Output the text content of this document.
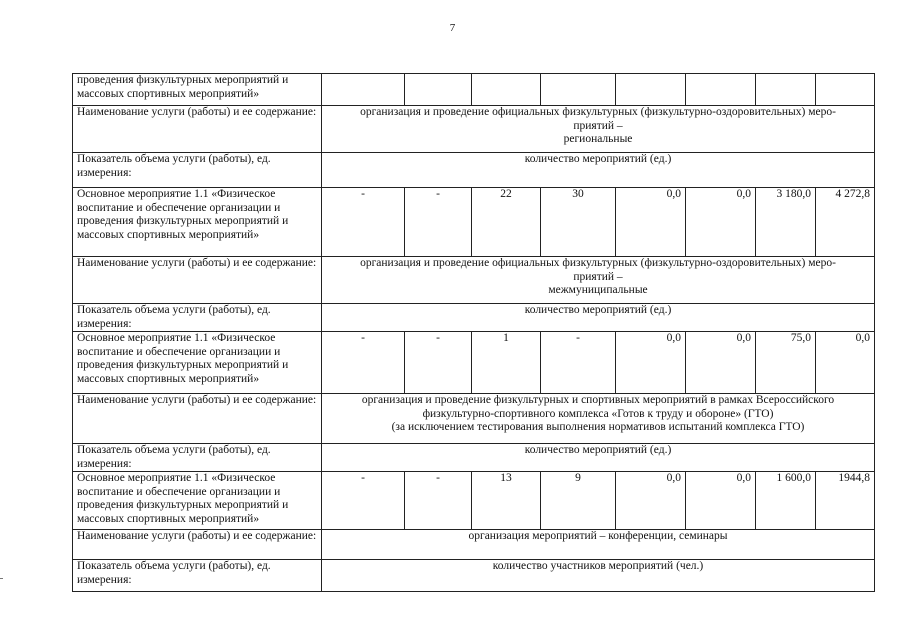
7
проведения физкультурных мероприятий и массовых спортивных мероприятий»								
Наименование услуги (работы) и ее содержание:	организация и проведение официальных физкультурных (физкультурно-оздоровительных) меро-
приятий –
региональные							

Показатель объема услуги (работы), ед. измерения:	количество мероприятий (ед.)							

Основное мероприятие 1.1 «Физическое воспитание и обеспечение организации и проведения физкультурных мероприятий и массовых спортивных мероприятий»	-	-	22	30	0,0	0,0	3 180,0	4 272,8
Наименование услуги (работы) и ее содержание:	организация и проведение официальных физкультурных (физкультурно-оздоровительных) меро-
приятий –
межмуниципальные							

Показатель объема услуги (работы), ед. измерения:	количество мероприятий (ед.)							

Основное мероприятие 1.1 «Физическое воспитание и обеспечение организации и проведения физкультурных мероприятий и массовых спортивных мероприятий»	-	-	1	-	0,0	0,0	75,0	0,0
Наименование услуги (работы) и ее содержание:	организация и проведение физкультурных и спортивных мероприятий в рамках Всероссийского
физкультурно-спортивного комплекса «Готов к труду и обороне» (ГТО)
(за исключением тестирования выполнения нормативов испытаний комплекса ГТО)							

Показатель объема услуги (работы), ед. измерения:	количество мероприятий (ед.)							

Основное мероприятие 1.1 «Физическое воспитание и обеспечение организации и проведения физкультурных мероприятий и массовых спортивных мероприятий»	-	-	13	9	0,0	0,0	1 600,0	1944,8
Наименование услуги (работы) и ее содержание:	организация мероприятий – конференции, семинары							

Показатель объема услуги (работы), ед. измерения:	количество участников мероприятий (чел.)							
